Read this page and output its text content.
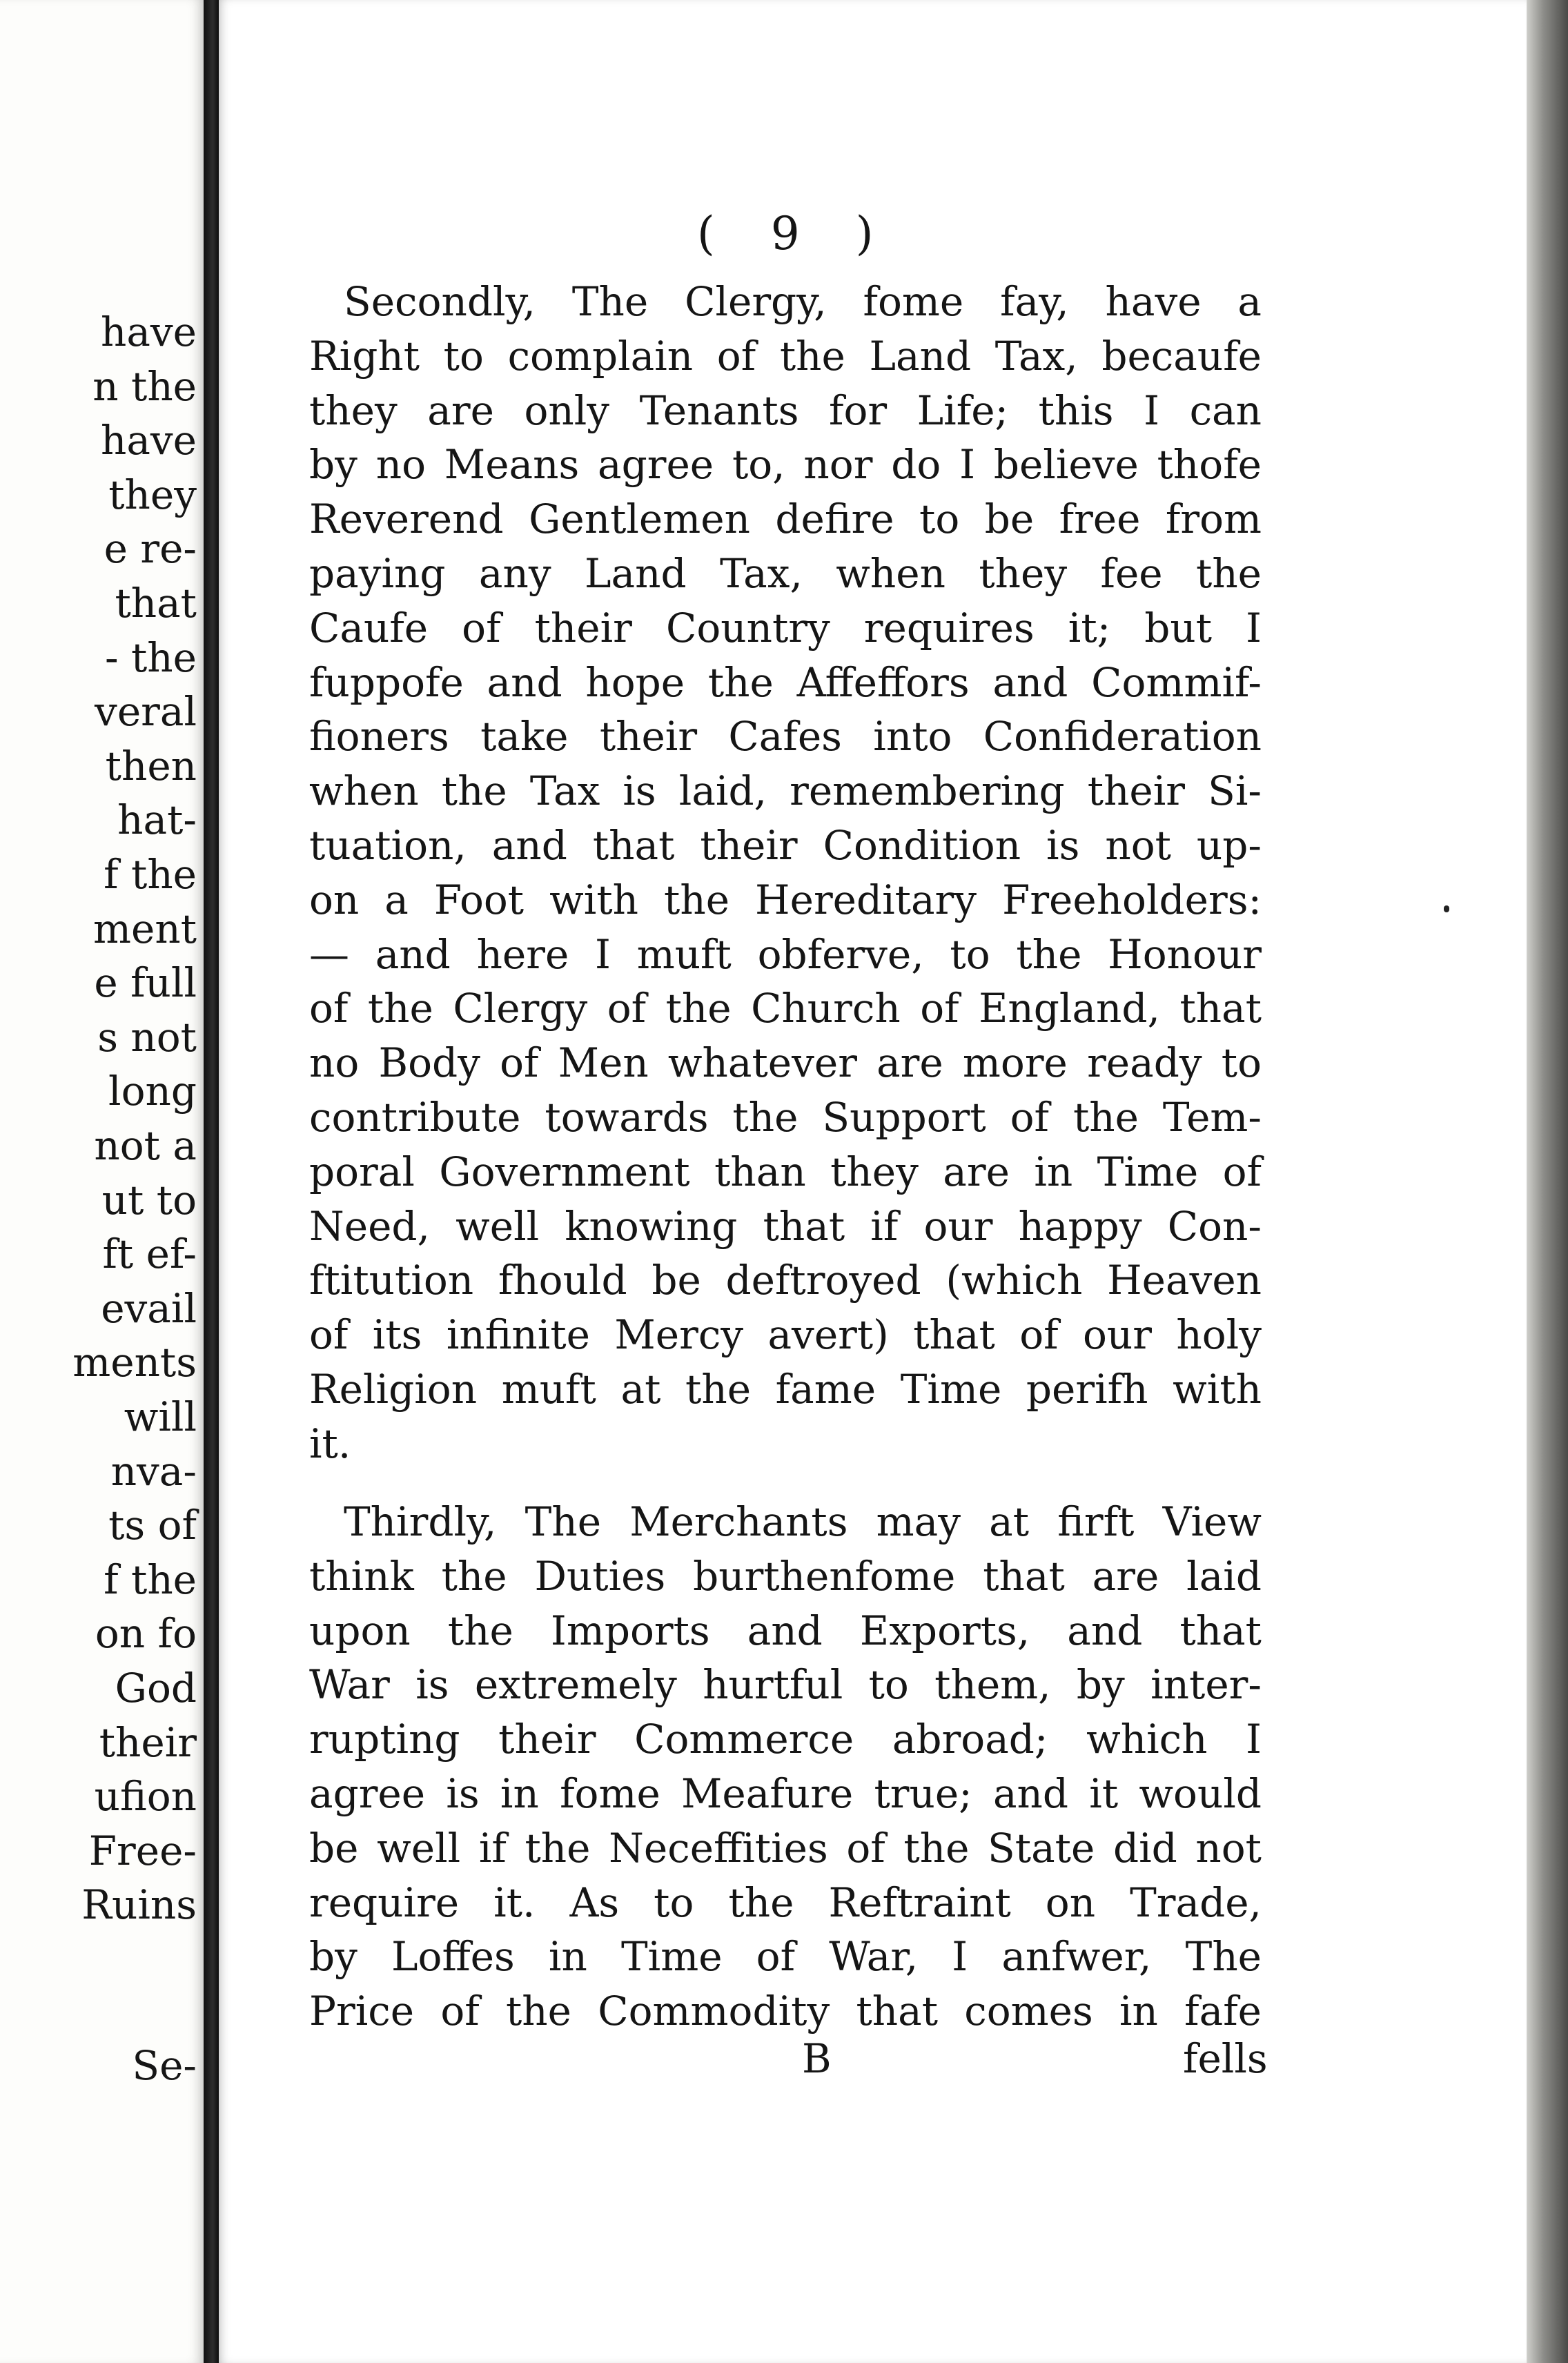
have
n the
have
they
e re-
that
- the
veral
then
hat-
f the
ment
e full
s not
long
not a
ut to
ft ef-
evail
ments
will
nva-
ts of
f the
on fo
God
their
ufion
Free-
Ruins
Se-
( 9 )
Secondly, The Clergy, fome fay, have a
Right to complain of the Land Tax, becaufe
they are only Tenants for Life; this I can
by no Means agree to, nor do I believe thofe
Reverend Gentlemen defire to be free from
paying any Land Tax, when they fee the
Caufe of their Country requires it; but I
fuppofe and hope the Affeffors and Commif-
fioners take their Cafes into Confideration
when the Tax is laid, remembering their Si-
tuation, and that their Condition is not up-
on a Foot with the Hereditary Freeholders:
— and here I muft obferve, to the Honour
of the Clergy of the Church of England, that
no Body of Men whatever are more ready to
contribute towards the Support of the Tem-
poral Government than they are in Time of
Need, well knowing that if our happy Con-
ftitution fhould be deftroyed (which Heaven
of its infinite Mercy avert) that of our holy
Religion muft at the fame Time perifh with
it.
Thirdly, The Merchants may at firft View
think the Duties burthenfome that are laid
upon the Imports and Exports, and that
War is extremely hurtful to them, by inter-
rupting their Commerce abroad; which I
agree is in fome Meafure true; and it would
be well if the Neceffities of the State did not
require it. As to the Reftraint on Trade,
by Loffes in Time of War, I anfwer, The
Price of the Commodity that comes in fafe
B	fells
